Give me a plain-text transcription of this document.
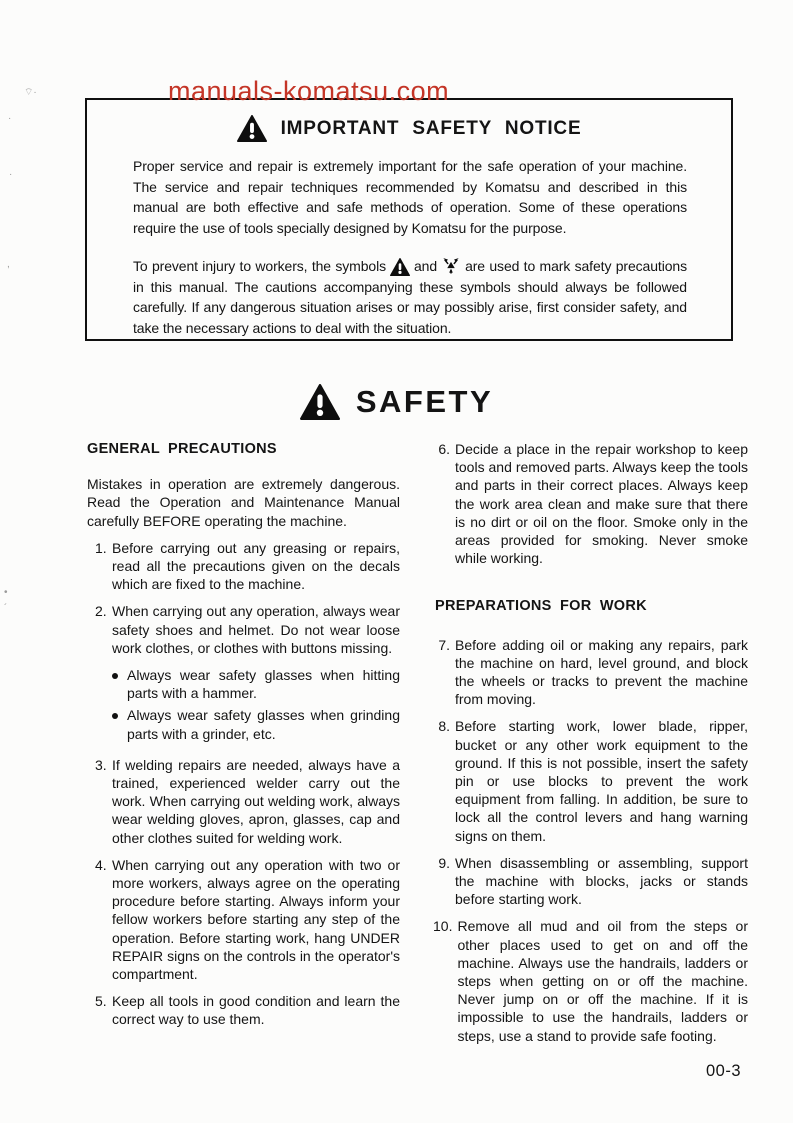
⌔·
·
·
,
•
´
manuals-komatsu.com
IMPORTANT SAFETY NOTICE

Proper service and repair is extremely important for the safe operation of your machine. The service and repair techniques recommended by Komatsu and described in this manual are both effective and safe methods of operation. Some of these operations require the use of tools specially designed by Komatsu for the purpose.

To prevent injury to workers, the symbols and are used to mark safety precautions in this manual. The cautions accompanying these symbols should always be followed carefully. If any dangerous situation arises or may possibly arise, first consider safety, and take the necessary actions to deal with the situation.

SAFETY
GENERAL PRECAUTIONS

Mistakes in operation are extremely dangerous. Read the Operation and Maintenance Manual carefully BEFORE operating the machine.

1. Before carrying out any greasing or repairs, read all the precautions given on the decals which are fixed to the machine.

2. When carrying out any operation, always wear safety shoes and helmet. Do not wear loose work clothes, or clothes with buttons missing.

Always wear safety glasses when hitting parts with a hammer.
Always wear safety glasses when grinding parts with a grinder, etc.
3. If welding repairs are needed, always have a trained, experienced welder carry out the work. When carrying out welding work, always wear welding gloves, apron, glasses, cap and other clothes suited for welding work.

4. When carrying out any operation with two or more workers, always agree on the operating procedure before starting. Always inform your fellow workers before starting any step of the operation. Before starting work, hang UNDER REPAIR signs on the controls in the operator's compartment.

5. Keep all tools in good condition and learn the correct way to use them.

6. Decide a place in the repair workshop to keep tools and removed parts. Always keep the tools and parts in their correct places. Always keep the work area clean and make sure that there is no dirt or oil on the floor. Smoke only in the areas provided for smoking. Never smoke while working.

PREPARATIONS FOR WORK
7. Before adding oil or making any repairs, park the machine on hard, level ground, and block the wheels or tracks to prevent the machine from moving.

8. Before starting work, lower blade, ripper, bucket or any other work equipment to the ground. If this is not possible, insert the safety pin or use blocks to prevent the work equipment from falling. In addition, be sure to lock all the control levers and hang warning signs on them.

9. When disassembling or assembling, support the machine with blocks, jacks or stands before starting work.

10. Remove all mud and oil from the steps or other places used to get on and off the machine. Always use the handrails, ladders or steps when getting on or off the machine. Never jump on or off the machine. If it is impossible to use the handrails, ladders or steps, use a stand to provide safe footing.

00-3
